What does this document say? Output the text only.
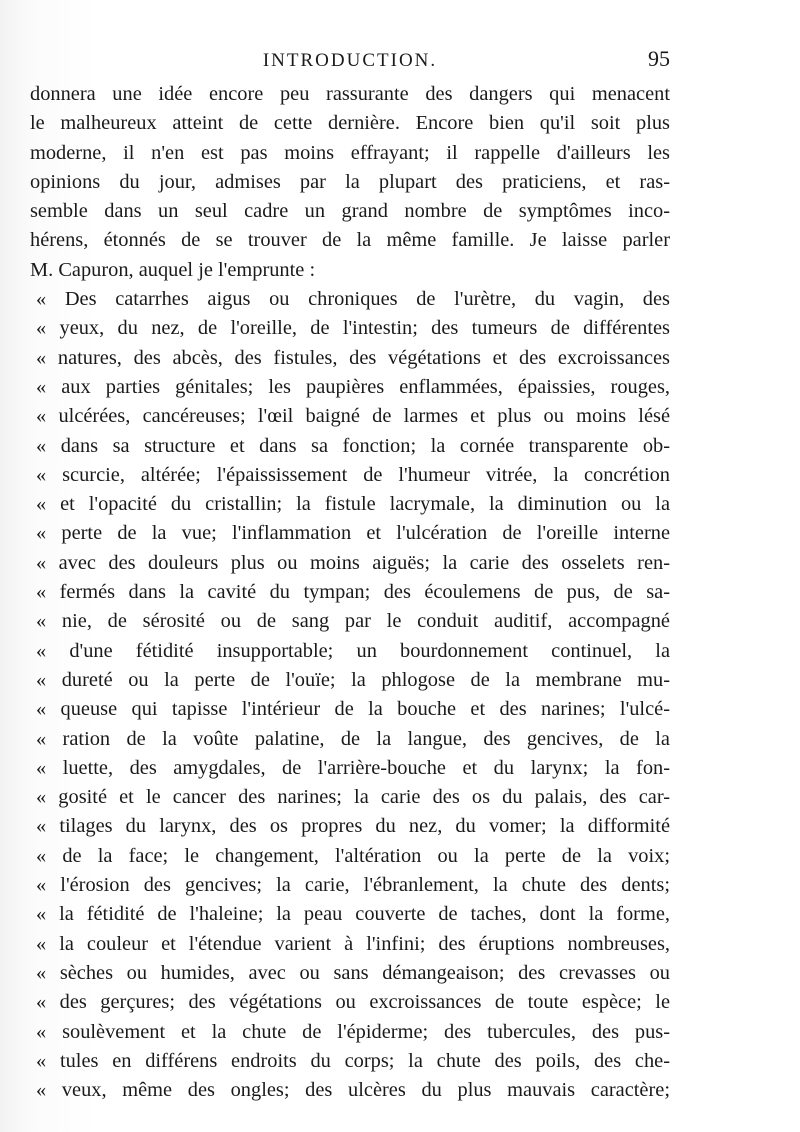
INTRODUCTION.	95
donnera une idée encore peu rassurante des dangers qui menacent
le malheureux atteint de cette dernière. Encore bien qu'il soit plus
moderne, il n'en est pas moins effrayant; il rappelle d'ailleurs les
opinions du jour, admises par la plupart des praticiens, et ras-
semble dans un seul cadre un grand nombre de symptômes inco-
hérens, étonnés de se trouver de la même famille. Je laisse parler
M. Capuron, auquel je l'emprunte :
« Des catarrhes aigus ou chroniques de l'urètre, du vagin, des
« yeux, du nez, de l'oreille, de l'intestin; des tumeurs de différentes
« natures, des abcès, des fistules, des végétations et des excroissances
« aux parties génitales; les paupières enflammées, épaissies, rouges,
« ulcérées, cancéreuses; l'œil baigné de larmes et plus ou moins lésé
« dans sa structure et dans sa fonction; la cornée transparente ob-
« scurcie, altérée; l'épaississement de l'humeur vitrée, la concrétion
« et l'opacité du cristallin; la fistule lacrymale, la diminution ou la
« perte de la vue; l'inflammation et l'ulcération de l'oreille interne
« avec des douleurs plus ou moins aiguës; la carie des osselets ren-
« fermés dans la cavité du tympan; des écoulemens de pus, de sa-
« nie, de sérosité ou de sang par le conduit auditif, accompagné
« d'une fétidité insupportable; un bourdonnement continuel, la
« dureté ou la perte de l'ouïe; la phlogose de la membrane mu-
« queuse qui tapisse l'intérieur de la bouche et des narines; l'ulcé-
« ration de la voûte palatine, de la langue, des gencives, de la
« luette, des amygdales, de l'arrière-bouche et du larynx; la fon-
« gosité et le cancer des narines; la carie des os du palais, des car-
« tilages du larynx, des os propres du nez, du vomer; la difformité
« de la face; le changement, l'altération ou la perte de la voix;
« l'érosion des gencives; la carie, l'ébranlement, la chute des dents;
« la fétidité de l'haleine; la peau couverte de taches, dont la forme,
« la couleur et l'étendue varient à l'infini; des éruptions nombreuses,
« sèches ou humides, avec ou sans démangeaison; des crevasses ou
« des gerçures; des végétations ou excroissances de toute espèce; le
« soulèvement et la chute de l'épiderme; des tubercules, des pus-
« tules en différens endroits du corps; la chute des poils, des che-
« veux, même des ongles; des ulcères du plus mauvais caractère;
